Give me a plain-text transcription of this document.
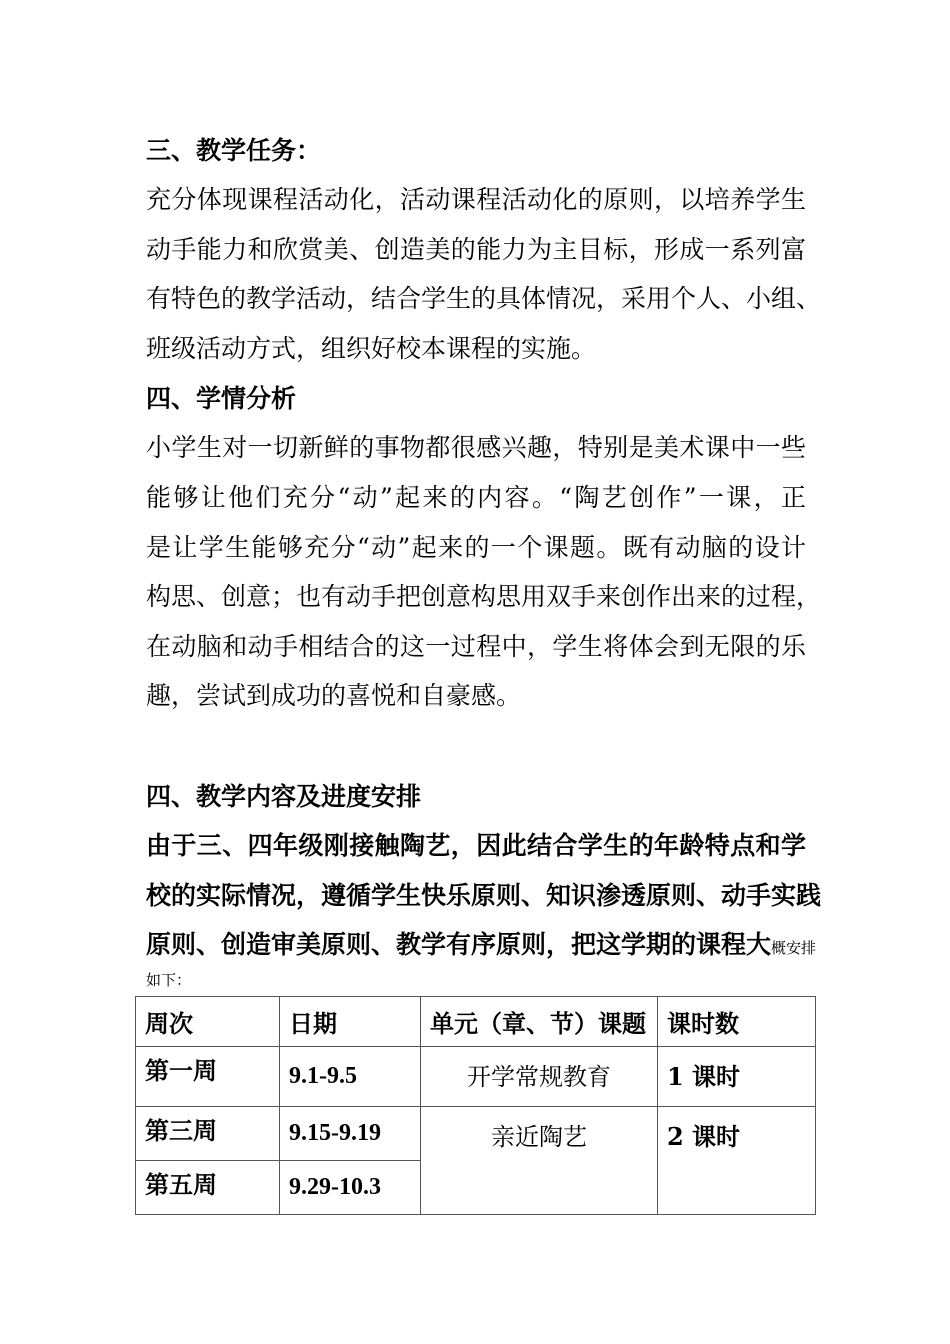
三、教学任务：
充分体现课程活动化，活动课程活动化的原则，以培养学生
动手能力和欣赏美、创造美的能力为主目标，形成一系列富
有特色的教学活动，结合学生的具体情况，采用个人、小组、
班级活动方式，组织好校本课程的实施。
四、学情分析
小学生对一切新鲜的事物都很感兴趣，特别是美术课中一些
能够让他们充分“动”起来的内容。“陶艺创作”一课，正
是让学生能够充分“动”起来的一个课题。既有动脑的设计
构思、创意；也有动手把创意构思用双手来创作出来的过程，
在动脑和动手相结合的这一过程中，学生将体会到无限的乐
趣，尝试到成功的喜悦和自豪感。
四、教学内容及进度安排
由于三、四年级刚接触陶艺，因此结合学生的年龄特点和学
校的实际情况，遵循学生快乐原则、知识渗透原则、动手实践
原则、创造审美原则、教学有序原则，把这学期的课程大概安排
如下：
周次	日期	单元（章、节）课题	课时数
第一周	9.1-9.5	开学常规教育	1 课时
第三周	9.15-9.19	亲近陶艺	2 课时
第五周	9.29-10.3		
